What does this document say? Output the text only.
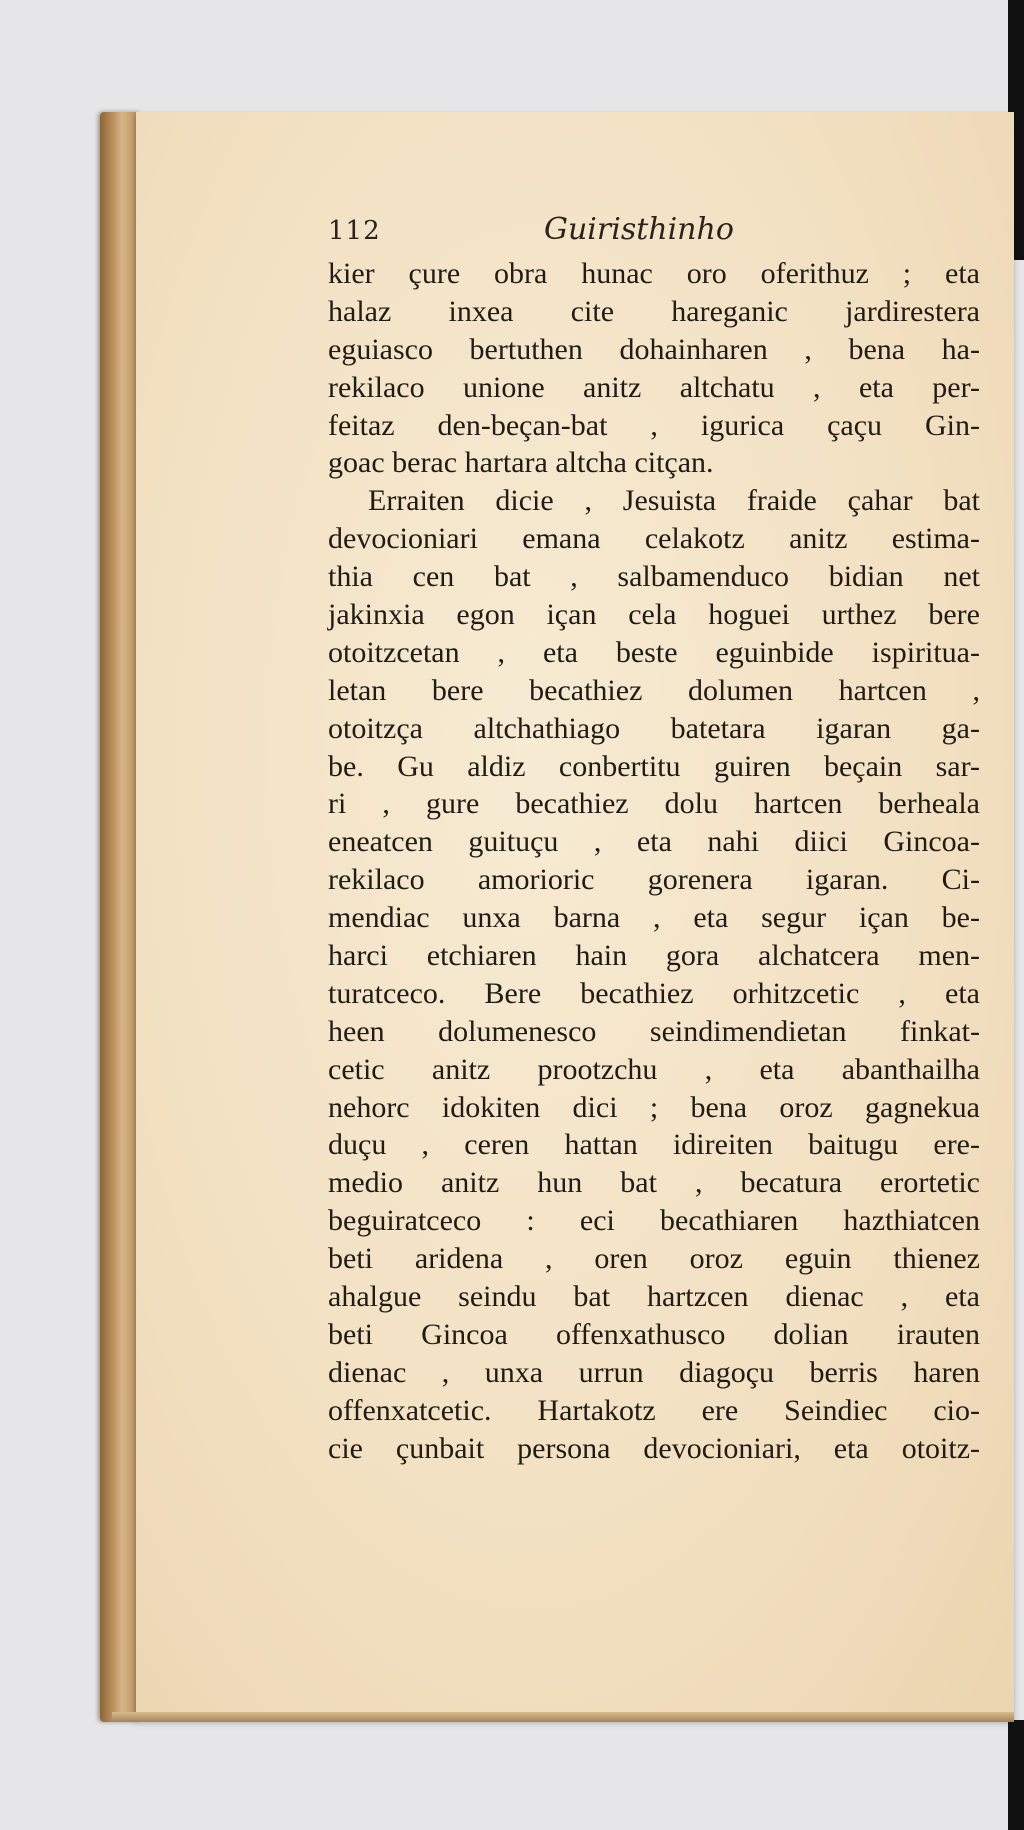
112	Guiristhinho
kier çure obra hunac oro oferithuz ; eta
halaz inxea cite hareganic jardirestera
eguiasco bertuthen dohainharen , bena ha-
rekilaco unione anitz altchatu , eta per-
feitaz den-beçan-bat , igurica çaçu Gin-
goac berac hartara altcha citçan.
Erraiten dicie , Jesuista fraide çahar bat
devocioniari emana celakotz anitz estima-
thia cen bat , salbamenduco bidian net
jakinxia egon içan cela hoguei urthez bere
otoitzcetan , eta beste eguinbide ispiritua-
letan bere becathiez dolumen hartcen ,
otoitzça altchathiago batetara igaran ga-
be. Gu aldiz conbertitu guiren beçain sar-
ri , gure becathiez dolu hartcen berheala
eneatcen guituçu , eta nahi diici Gincoa-
rekilaco amorioric gorenera igaran. Ci-
mendiac unxa barna , eta segur içan be-
harci etchiaren hain gora alchatcera men-
turatceco. Bere becathiez orhitzcetic , eta
heen dolumenesco seindimendietan finkat-
cetic anitz prootzchu , eta abanthailha
nehorc idokiten dici ; bena oroz gagnekua
duçu , ceren hattan idireiten baitugu ere-
medio anitz hun bat , becatura erortetic
beguiratceco : eci becathiaren hazthiatcen
beti aridena , oren oroz eguin thienez
ahalgue seindu bat hartzcen dienac , eta
beti Gincoa offenxathusco dolian irauten
dienac , unxa urrun diagoçu berris haren
offenxatcetic. Hartakotz ere Seindiec cio-
cie çunbait persona devocioniari, eta otoitz-
